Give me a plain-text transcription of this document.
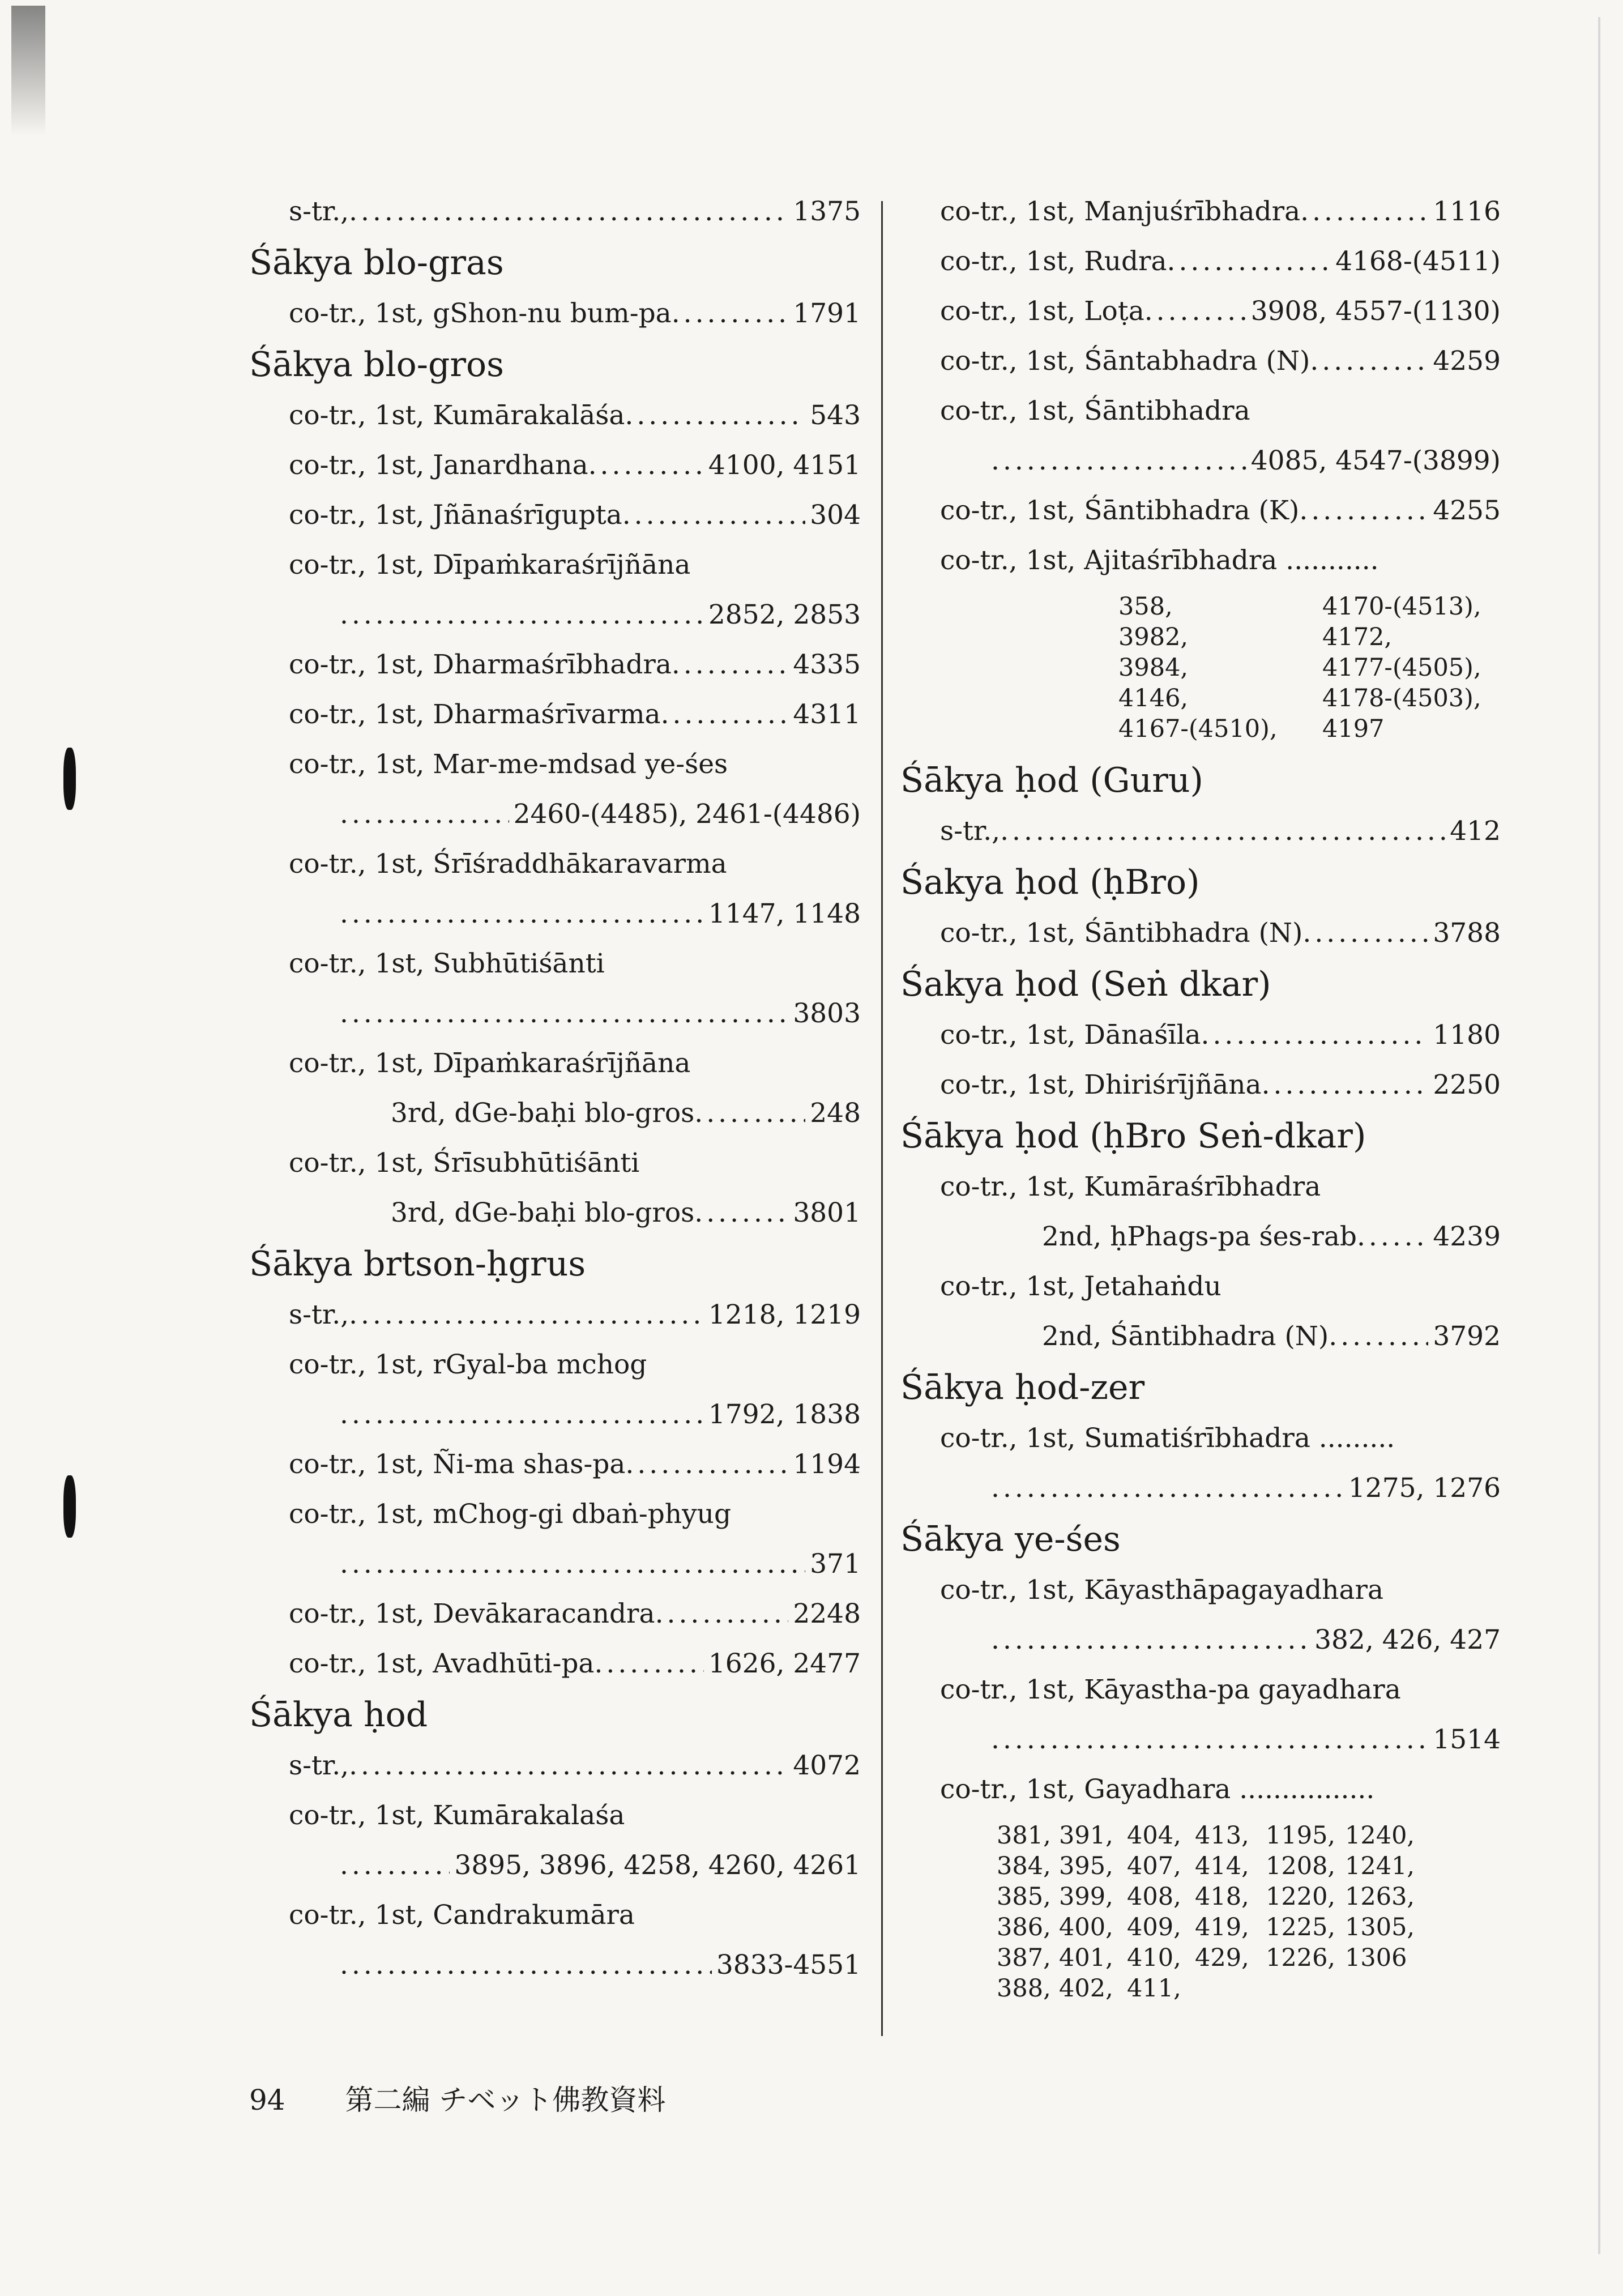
s-tr., .....	1375
Śākya blo-gras
co-tr., 1st, gShon-nu bum-pa .....	1791
Śākya blo-gros
co-tr., 1st, Kumārakalāśa .....	543
co-tr., 1st, Janardhana .....	4100, 4151
co-tr., 1st, Jñānaśrīgupta .....	304
co-tr., 1st, Dīpaṁkaraśrījñāna
.....
2852, 2853
co-tr., 1st, Dharmaśrībhadra .....	4335
co-tr., 1st, Dharmaśrīvarma .....	4311
co-tr., 1st, Mar-me-mdsad ye-śes
.....
2460-(4485), 2461-(4486)
co-tr., 1st, Śrīśraddhākaravarma
.....
1147, 1148
co-tr., 1st, Subhūtiśānti
.....
3803
co-tr., 1st, Dīpaṁkaraśrījñāna
3rd, dGe-baḥi blo-gros .....	248
co-tr., 1st, Śrīsubhūtiśānti
3rd, dGe-baḥi blo-gros .....	3801
Śākya brtson-ḥgrus
s-tr., .....	1218, 1219
co-tr., 1st, rGyal-ba mchog
.....
1792, 1838
co-tr., 1st, Ñi-ma shas-pa .....	1194
co-tr., 1st, mChog-gi dbaṅ-phyug
.....
371
co-tr., 1st, Devākaracandra .....	2248
co-tr., 1st, Avadhūti-pa .....	1626, 2477
Śākya ḥod
s-tr., .....	4072
co-tr., 1st, Kumārakalaśa
.....
3895, 3896, 4258, 4260, 4261
co-tr., 1st, Candrakumāra
.....
3833-4551
co-tr., 1st, Manjuśrībhadra .....	1116
co-tr., 1st, Rudra .....	4168-(4511)
co-tr., 1st, Loṭa .....	3908, 4557-(1130)
co-tr., 1st, Śāntabhadra (N) .....	4259
co-tr., 1st, Śāntibhadra
.....
4085, 4547-(3899)
co-tr., 1st, Śāntibhadra (K) .....	4255
co-tr., 1st, Ajitaśrībhadra ...........
358,	4170-(4513),
3982,	4172,
3984,	4177-(4505),
4146,	4178-(4503),
4167-(4510),	4197
Śākya ḥod (Guru)
s-tr., .....	412
Śakya ḥod (ḥBro)
co-tr., 1st, Śāntibhadra (N) .....	3788
Śakya ḥod (Seṅ dkar)
co-tr., 1st, Dānaśīla .....	1180
co-tr., 1st, Dhiriśrījñāna .....	2250
Śākya ḥod (ḥBro Seṅ-dkar)
co-tr., 1st, Kumāraśrībhadra
2nd, ḥPhags-pa śes-rab .....	4239
co-tr., 1st, Jetahaṅdu
2nd, Śāntibhadra (N) .....	3792
Śākya ḥod-zer
co-tr., 1st, Sumatiśrībhadra .........
.....
1275, 1276
Śākya ye-śes
co-tr., 1st, Kāyasthāpagayadhara
.....
382, 426, 427
co-tr., 1st, Kāyastha-pa gayadhara
.....
1514
co-tr., 1st, Gayadhara ................
381, 391, 404, 413, 1195, 1240,
384, 395, 407, 414, 1208, 1241,
385, 399, 408, 418, 1220, 1263,
386, 400, 409, 419, 1225, 1305,
387, 401, 410, 429, 1226, 1306
388, 402, 411,
94 第二編 チベット佛教資料
